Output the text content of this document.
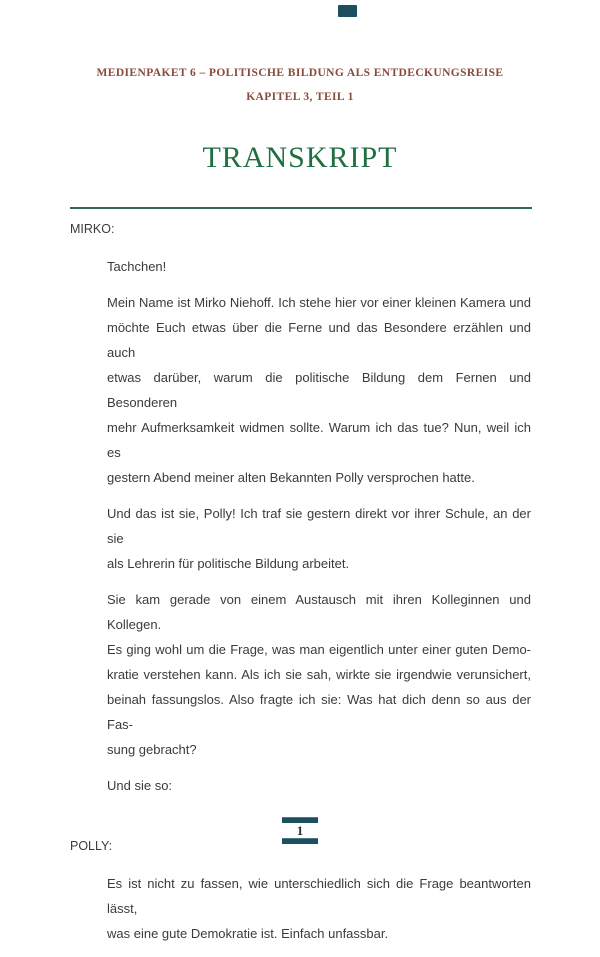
MEDIENPAKET 6 – POLITISCHE BILDUNG ALS ENTDECKUNGSREISE
KAPITEL 3, TEIL 1
TRANSKRIPT
MIRKO:
Tachchen!
Mein Name ist Mirko Niehoff. Ich stehe hier vor einer kleinen Kamera und
möchte Euch etwas über die Ferne und das Besondere erzählen und auch
etwas darüber, warum die politische Bildung dem Fernen und Besonderen
mehr Aufmerksamkeit widmen sollte. Warum ich das tue? Nun, weil ich es
gestern Abend meiner alten Bekannten Polly versprochen hatte.
Und das ist sie, Polly! Ich traf sie gestern direkt vor ihrer Schule, an der sie
als Lehrerin für politische Bildung arbeitet.
Sie kam gerade von einem Austausch mit ihren Kolleginnen und Kollegen.
Es ging wohl um die Frage, was man eigentlich unter einer guten Demo-
kratie verstehen kann. Als ich sie sah, wirkte sie irgendwie verunsichert,
beinah fassungslos. Also fragte ich sie: Was hat dich denn so aus der Fas-
sung gebracht?
Und sie so:
POLLY:
Es ist nicht zu fassen, wie unterschiedlich sich die Frage beantworten lässt,
was eine gute Demokratie ist. Einfach unfassbar.
1
